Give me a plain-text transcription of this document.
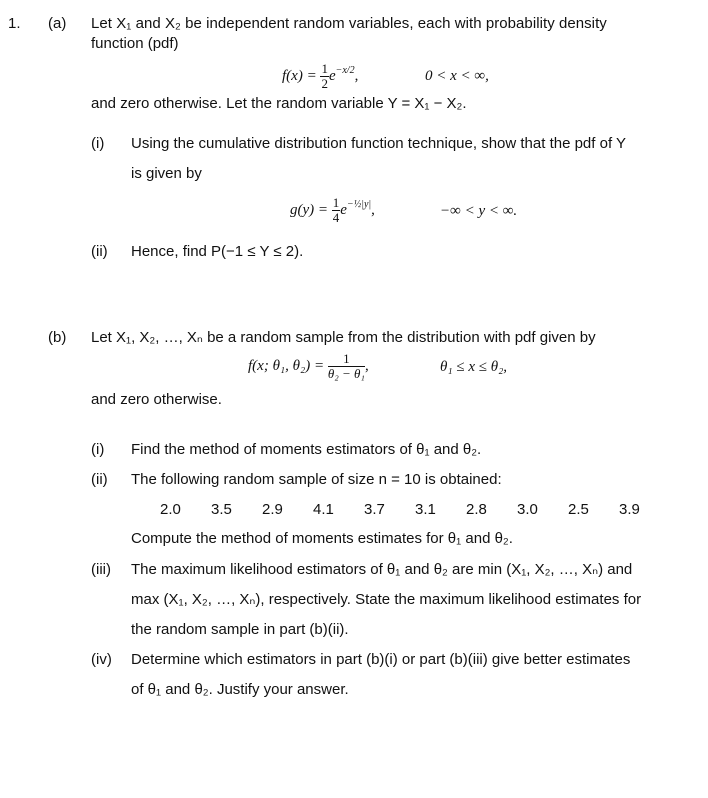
1. (a) Let X₁ and X₂ be independent random variables, each with probability density
function (pdf)
$f(x) = \frac{1}{2} e^{-x/2}$,	0 < x < ∞,
and zero otherwise. Let the random variable Y = X₁ − X₂.
(i) Using the cumulative distribution function technique, show that the pdf of Y
is given by
$g(y) = \frac{1}{4} e^{-\frac{1}{2}|y|}$,	−∞ < y < ∞.
(ii) Hence, find P(−1 ≤ Y ≤ 2).
(b) Let X₁, X₂, …, Xₙ be a random sample from the distribution with pdf given by
f(x; θ₁, $\theta_2) = \frac{1}{\text{θ₂ − θ₁}}$ ,	θ₁ ≤ x ≤ θ₂,
and zero otherwise.
(i) Find the method of moments estimators of θ₁ and θ₂.
(ii) The following random sample of size n = 10 is obtained:
2.0 3.5 2.9 4.1 3.7 3.1 2.8 3.0 2.5 3.9
Compute the method of moments estimates for θ₁ and θ₂.
(iii) The maximum likelihood estimators of θ₁ and θ₂ are min (X₁, X₂, …, Xₙ) and
max (X₁, X₂, …, Xₙ), respectively. State the maximum likelihood estimates for
the random sample in part (b)(ii).
(iv) Determine which estimators in part (b)(i) or part (b)(iii) give better estimates
of θ₁ and θ₂. Justify your answer.
